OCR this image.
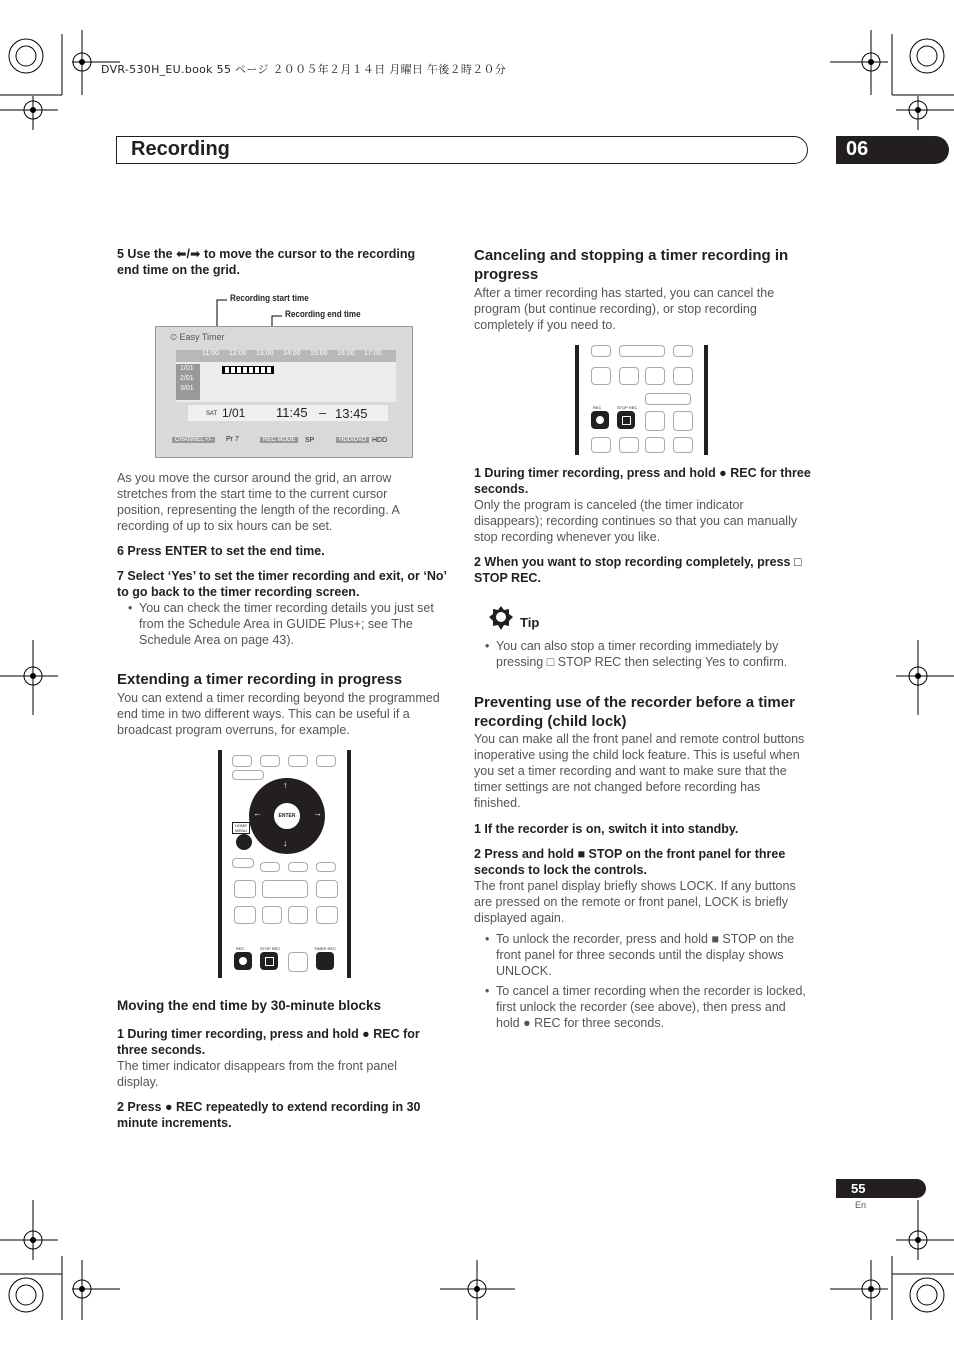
DVR-530H_EU.book 55 ページ ２００５年２月１４日 月曜日 午後２時２０分
Recording	06
5 Use the ⬅/➡ to move the cursor to the recording end time on the grid.
Recording start time
Recording end time
⏲ Easy Timer
11:00	12:00	13:00	14:00	15:00	16:00	17:00
1/01
2/01
3/01
SAT 1/01 11:45 – 13:45
CHANNEL +/-	Pr 7	REC MODE	SP	HDD/DVD HDD

As you move the cursor around the grid, an arrow stretches from the start time to the current cursor position, representing the length of the recording. A recording of up to six hours can be set.

6 Press ENTER to set the end time.
7 Select ‘Yes’ to set the timer recording and exit, or ‘No’ to go back to the timer recording screen.
• You can check the timer recording details you just set from the Schedule Area in GUIDE Plus+; see The Schedule Area on page 43).
Extending a timer recording in progress

You can extend a timer recording beyond the programmed end time in two different ways. This can be useful if a broadcast program overruns, for example.

ENTER
↑
↓
←	→
HOME MENU
REC	STOP REC	TIMER REC
Moving the end time by 30-minute blocks
1 During timer recording, press and hold ● REC for three seconds.

The timer indicator disappears from the front panel display.

2 Press ● REC repeatedly to extend recording in 30 minute increments.
Canceling and stopping a timer recording in progress

After a timer recording has started, you can cancel the program (but continue recording), or stop recording completely if you need to.

REC	STOP REC
1 During timer recording, press and hold ● REC for three seconds.

Only the program is canceled (the timer indicator disappears); recording continues so that you can manually stop recording whenever you like.

2 When you want to stop recording completely, press □ STOP REC.
Tip
• You can also stop a timer recording immediately by pressing □ STOP REC then selecting Yes to confirm.
Preventing use of the recorder before a timer recording (child lock)

You can make all the front panel and remote control buttons inoperative using the child lock feature. This is useful when you set a timer recording and want to make sure that the timer settings are not changed before recording has finished.

1 If the recorder is on, switch it into standby.
2 Press and hold ■ STOP on the front panel for three seconds to lock the controls.

The front panel display briefly shows LOCK. If any buttons are pressed on the remote or front panel, LOCK is briefly displayed again.

• To unlock the recorder, press and hold ■ STOP on the front panel for three seconds until the display shows UNLOCK.
• To cancel a timer recording when the recorder is locked, first unlock the recorder (see above), then press and hold ● REC for three seconds.
55
En
